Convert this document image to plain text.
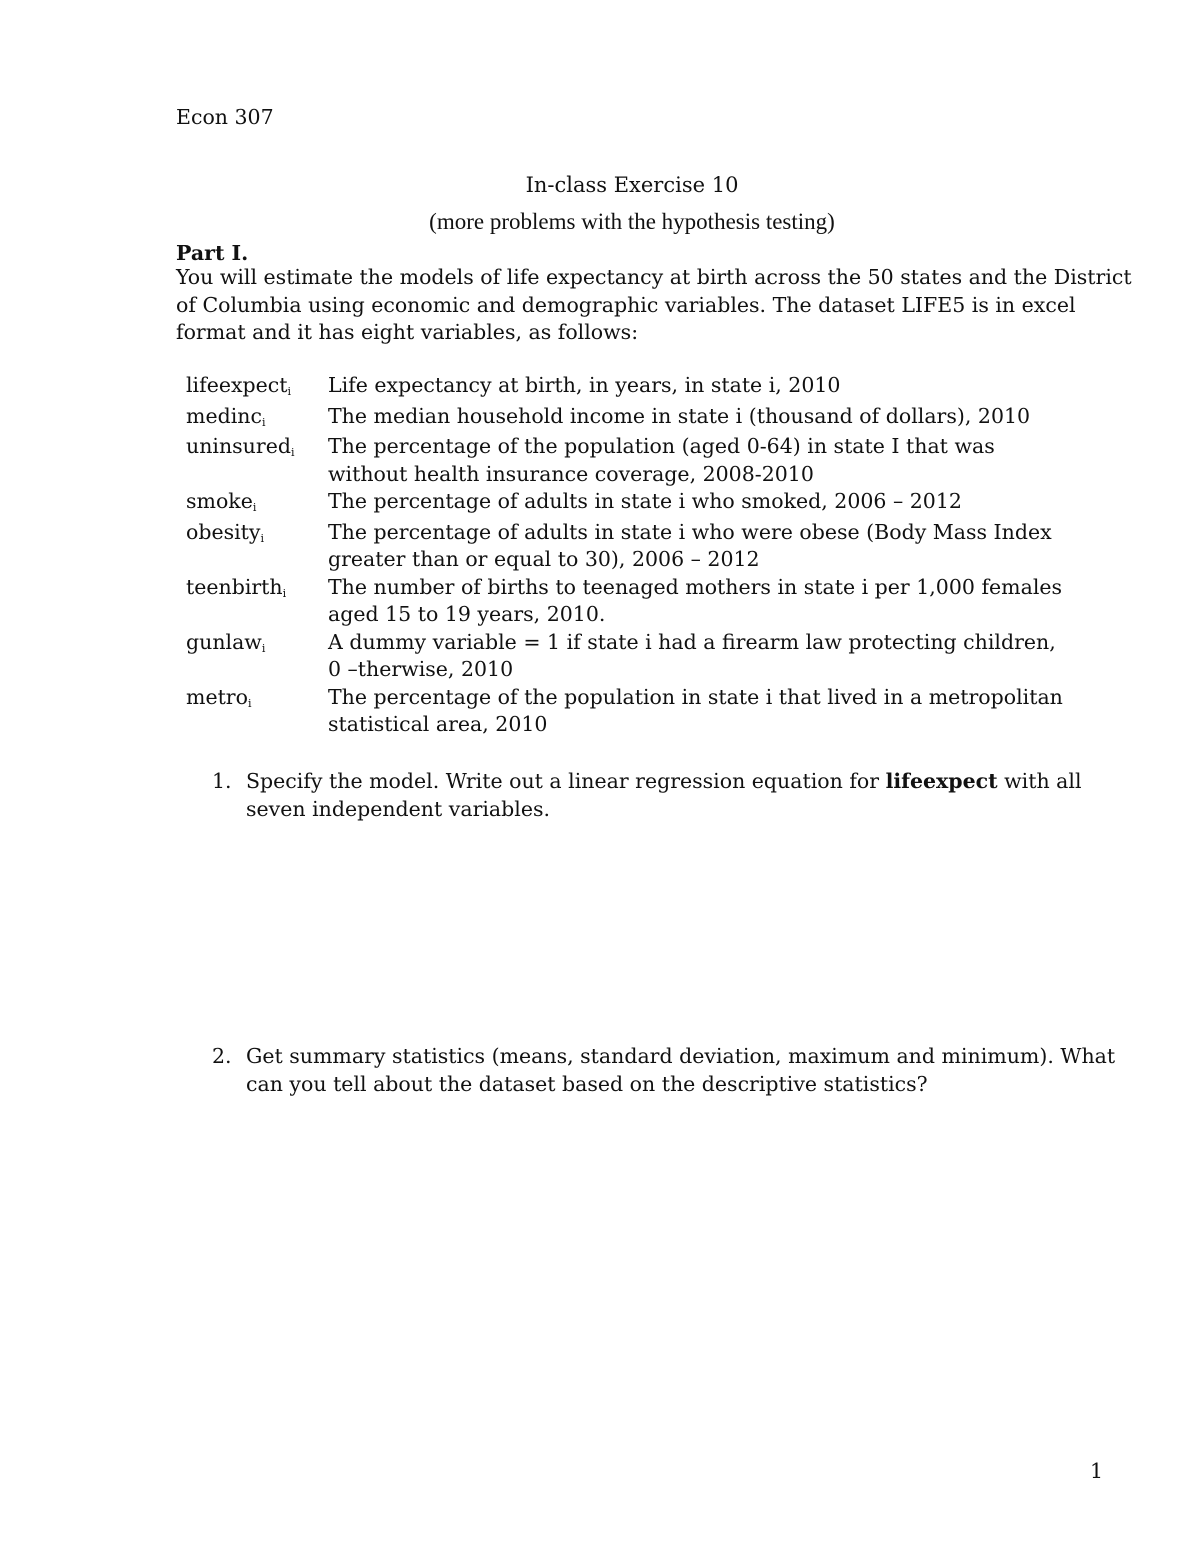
Econ 307
In-class Exercise 10
(more problems with the hypothesis testing)
Part I.
You will estimate the models of life expectancy at birth across the 50 states and the District
of Columbia using economic and demographic variables. The dataset LIFE5 is in excel
format and it has eight variables, as follows:
lifeexpecti	Life expectancy at birth, in years, in state i, 2010
medinci	The median household income in state i (thousand of dollars), 2010
uninsuredi	The percentage of the population (aged 0-64) in state I that was
without health insurance coverage, 2008-2010
smokei	The percentage of adults in state i who smoked, 2006 – 2012
obesityi	The percentage of adults in state i who were obese (Body Mass Index
greater than or equal to 30), 2006 – 2012
teenbirthi	The number of births to teenaged mothers in state i per 1,000 females
aged 15 to 19 years, 2010.
gunlawi	A dummy variable = 1 if state i had a firearm law protecting children,
0 –therwise, 2010
metroi	The percentage of the population in state i that lived in a metropolitan
statistical area, 2010
1. Specify the model. Write out a linear regression equation for lifeexpect with all
seven independent variables.
2. Get summary statistics (means, standard deviation, maximum and minimum). What
can you tell about the dataset based on the descriptive statistics?
1
